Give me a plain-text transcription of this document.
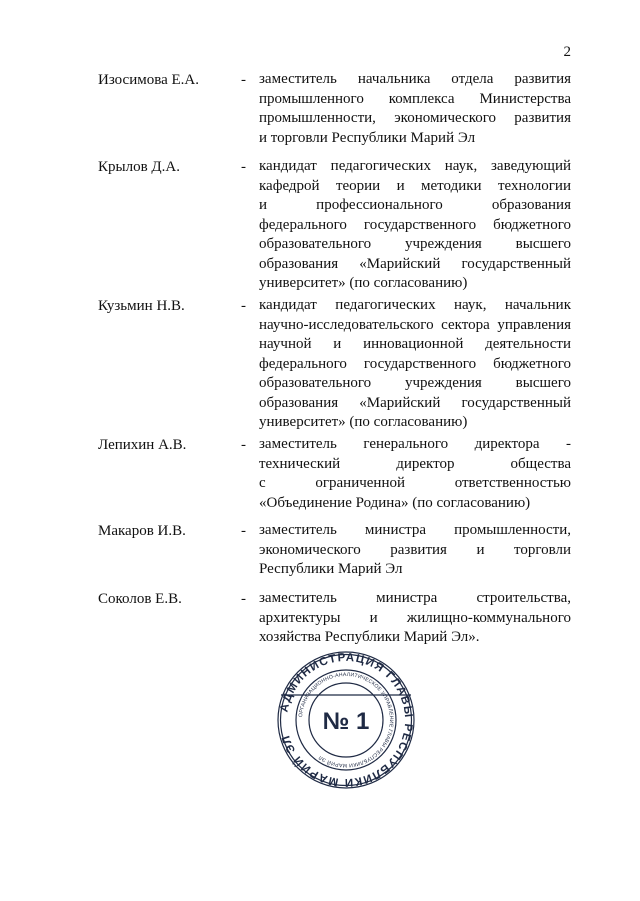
2
Изосимова Е.А.	- заместитель начальника отдела развития
промышленного комплекса Министерства
промышленности, экономического развития
и торговли Республики Марий Эл
Крылов Д.А.	- кандидат педагогических наук, заведующий
кафедрой теории и методики технологии
и профессионального образования
федерального государственного бюджетного
образовательного учреждения высшего
образования «Марийский государственный
университет» (по согласованию)
Кузьмин Н.В.	- кандидат педагогических наук, начальник
научно-исследовательского сектора управления
научной и инновационной деятельности
федерального государственного бюджетного
образовательного учреждения высшего
образования «Марийский государственный
университет» (по согласованию)
Лепихин А.В.	- заместитель генерального директора -
технический директор общества
с ограниченной ответственностью
«Объединение Родина» (по согласованию)
Макаров И.В.	- заместитель министра промышленности,
экономического развития и торговли
Республики Марий Эл
Соколов Е.В.	- заместитель министра строительства,
архитектуры и жилищно-коммунального
хозяйства Республики Марий Эл».
АДМИНИСТРАЦИЯ ГЛАВЫ РЕСПУБЛИКИ МАРИЙ ЭЛ
ОРГАНИЗАЦИОННО-АНАЛИТИЧЕСКОЕ УПРАВЛЕНИЕ ГЛАВЫ РЕСПУБЛИКИ МАРИЙ ЭЛ
№ 1
